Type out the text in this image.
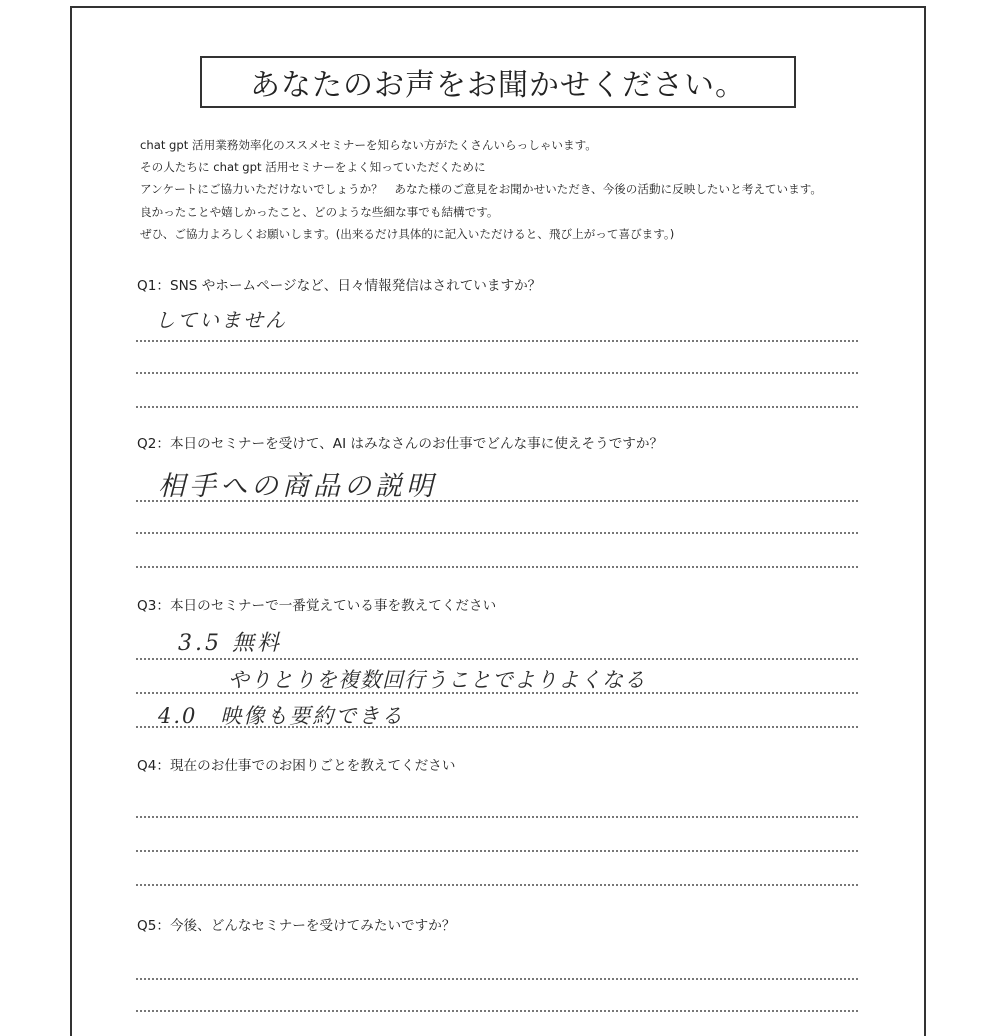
あなたのお声をお聞かせください。
chat gpt 活用業務効率化のススメセミナーを知らない方がたくさんいらっしゃいます。
その人たちに chat gpt 活用セミナーをよく知っていただくために
アンケートにご協力いただけないでしょうか？　あなた様のご意見をお聞かせいただき、今後の活動に反映したいと考えています。
良かったことや嬉しかったこと、どのような些細な事でも結構です。
ぜひ、ご協力よろしくお願いします。(出来るだけ具体的に記入いただけると、飛び上がって喜びます。)
Q1：SNS やホームページなど、日々情報発信はされていますか？
していません
Q2：本日のセミナーを受けて、AI はみなさんのお仕事でどんな事に使えそうですか？
相手への商品の説明
Q3：本日のセミナーで一番覚えている事を教えてください
3.5 無料
やりとりを複数回行うことでよりよくなる
4.0　映像も要約できる
Q4：現在のお仕事でのお困りごとを教えてください
Q5：今後、どんなセミナーを受けてみたいですか？
